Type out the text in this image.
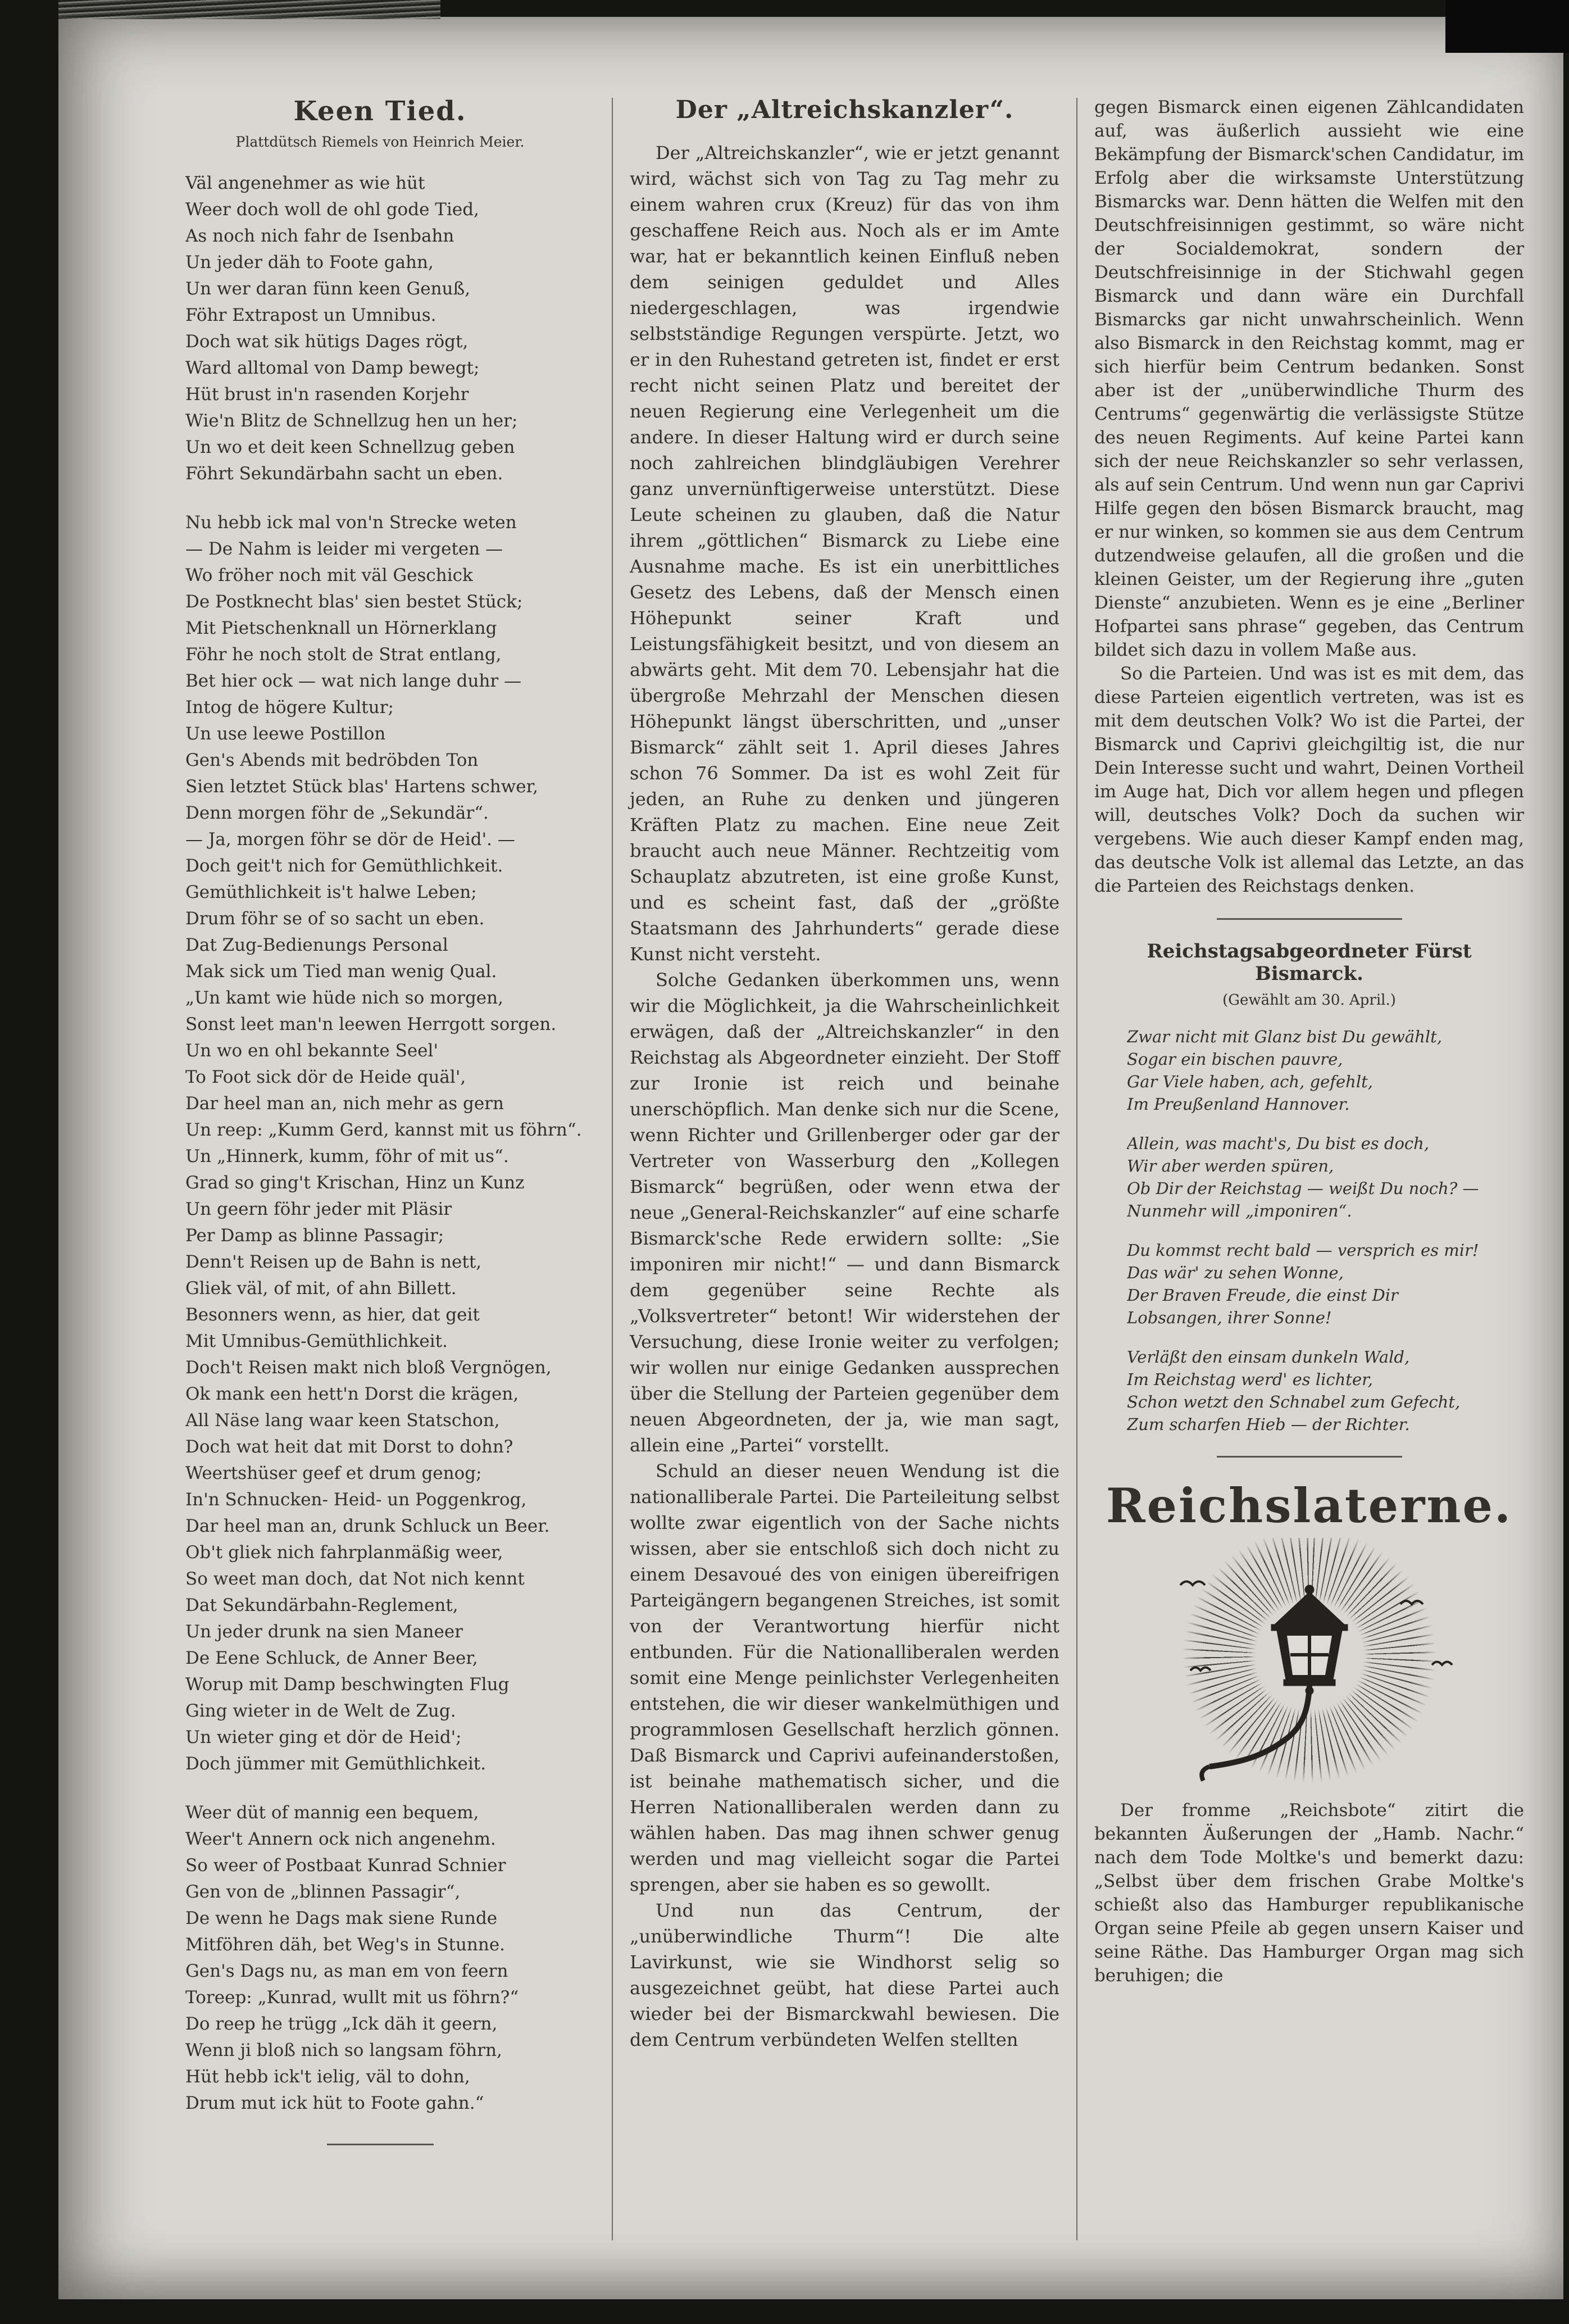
Keen Tied.
Plattdütsch Riemels von Heinrich Meier.
Väl angenehmer as wie hüt
Weer doch woll de ohl gode Tied,
As noch nich fahr de Isenbahn
Un jeder däh to Foote gahn,
Un wer daran fünn keen Genuß,
Föhr Extrapost un Umnibus.
Doch wat sik hütigs Dages rögt,
Ward alltomal von Damp bewegt;
Hüt brust in'n rasenden Korjehr
Wie'n Blitz de Schnellzug hen un her;
Un wo et deit keen Schnellzug geben
Föhrt Sekundärbahn sacht un eben.
Nu hebb ick mal von'n Strecke weten
— De Nahm is leider mi vergeten —
Wo fröher noch mit väl Geschick
De Postknecht blas' sien bestet Stück;
Mit Pietschenknall un Hörnerklang
Föhr he noch stolt de Strat entlang,
Bet hier ock — wat nich lange duhr —
Intog de högere Kultur;
Un use leewe Postillon
Gen's Abends mit bedröbden Ton
Sien letztet Stück blas' Hartens schwer,
Denn morgen föhr de „Sekundär“.
— Ja, morgen föhr se dör de Heid'. —
Doch geit't nich for Gemüthlichkeit.
Gemüthlichkeit is't halwe Leben;
Drum föhr se of so sacht un eben.
Dat Zug-Bedienungs Personal
Mak sick um Tied man wenig Qual.
„Un kamt wie hüde nich so morgen,
Sonst leet man'n leewen Herrgott sorgen.
Un wo en ohl bekannte Seel'
To Foot sick dör de Heide quäl',
Dar heel man an, nich mehr as gern
Un reep: „Kumm Gerd, kannst mit us föhrn“.
Un „Hinnerk, kumm, föhr of mit us“.
Grad so ging't Krischan, Hinz un Kunz
Un geern föhr jeder mit Pläsir
Per Damp as blinne Passagir;
Denn't Reisen up de Bahn is nett,
Gliek väl, of mit, of ahn Billett.
Besonners wenn, as hier, dat geit
Mit Umnibus-Gemüthlichkeit.
Doch't Reisen makt nich bloß Vergnögen,
Ok mank een hett'n Dorst die krägen,
All Näse lang waar keen Statschon,
Doch wat heit dat mit Dorst to dohn?
Weertshüser geef et drum genog;
In'n Schnucken- Heid- un Poggenkrog,
Dar heel man an, drunk Schluck un Beer.
Ob't gliek nich fahrplanmäßig weer,
So weet man doch, dat Not nich kennt
Dat Sekundärbahn-Reglement,
Un jeder drunk na sien Maneer
De Eene Schluck, de Anner Beer,
Worup mit Damp beschwingten Flug
Ging wieter in de Welt de Zug.
Un wieter ging et dör de Heid';
Doch jümmer mit Gemüthlichkeit.
Weer düt of mannig een bequem,
Weer't Annern ock nich angenehm.
So weer of Postbaat Kunrad Schnier
Gen von de „blinnen Passagir“,
De wenn he Dags mak siene Runde
Mitföhren däh, bet Weg's in Stunne.
Gen's Dags nu, as man em von feern
Toreep: „Kunrad, wullt mit us föhrn?“
Do reep he trügg „Ick däh it geern,
Wenn ji bloß nich so langsam föhrn,
Hüt hebb ick't ielig, väl to dohn,
Drum mut ick hüt to Foote gahn.“
Der „Altreichskanzler“.
Der „Altreichskanzler“, wie er jetzt genannt wird, wächst sich von Tag zu Tag mehr zu einem wahren crux (Kreuz) für das von ihm geschaffene Reich aus. Noch als er im Amte war, hat er bekanntlich keinen Einfluß neben dem seinigen geduldet und Alles niedergeschlagen, was irgendwie selbstständige Regungen verspürte. Jetzt, wo er in den Ruhestand getreten ist, findet er erst recht nicht seinen Platz und bereitet der neuen Regierung eine Verlegenheit um die andere. In dieser Haltung wird er durch seine noch zahlreichen blindgläubigen Verehrer ganz unvernünftigerweise unterstützt. Diese Leute scheinen zu glauben, daß die Natur ihrem „göttlichen“ Bismarck zu Liebe eine Ausnahme mache. Es ist ein unerbittliches Gesetz des Lebens, daß der Mensch einen Höhepunkt seiner Kraft und Leistungsfähigkeit besitzt, und von diesem an abwärts geht. Mit dem 70. Lebensjahr hat die übergroße Mehrzahl der Menschen diesen Höhepunkt längst überschritten, und „unser Bismarck“ zählt seit 1. April dieses Jahres schon 76 Sommer. Da ist es wohl Zeit für jeden, an Ruhe zu denken und jüngeren Kräften Platz zu machen. Eine neue Zeit braucht auch neue Männer. Rechtzeitig vom Schauplatz abzutreten, ist eine große Kunst, und es scheint fast, daß der „größte Staatsmann des Jahrhunderts“ gerade diese Kunst nicht versteht.
Solche Gedanken überkommen uns, wenn wir die Möglichkeit, ja die Wahrscheinlichkeit erwägen, daß der „Altreichskanzler“ in den Reichstag als Abgeordneter einzieht. Der Stoff zur Ironie ist reich und beinahe unerschöpflich. Man denke sich nur die Scene, wenn Richter und Grillenberger oder gar der Vertreter von Wasserburg den „Kollegen Bismarck“ begrüßen, oder wenn etwa der neue „General-Reichskanzler“ auf eine scharfe Bismarck'sche Rede erwidern sollte: „Sie imponiren mir nicht!“ — und dann Bismarck dem gegenüber seine Rechte als „Volksvertreter“ betont! Wir widerstehen der Versuchung, diese Ironie weiter zu verfolgen; wir wollen nur einige Gedanken aussprechen über die Stellung der Parteien gegenüber dem neuen Abgeordneten, der ja, wie man sagt, allein eine „Partei“ vorstellt.
Schuld an dieser neuen Wendung ist die nationalliberale Partei. Die Parteileitung selbst wollte zwar eigentlich von der Sache nichts wissen, aber sie entschloß sich doch nicht zu einem Desavoué des von einigen übereifrigen Parteigängern begangenen Streiches, ist somit von der Verantwortung hierfür nicht entbunden. Für die Nationalliberalen werden somit eine Menge peinlichster Verlegenheiten entstehen, die wir dieser wankelmüthigen und programmlosen Gesellschaft herzlich gönnen. Daß Bismarck und Caprivi aufeinanderstoßen, ist beinahe mathematisch sicher, und die Herren Nationalliberalen werden dann zu wählen haben. Das mag ihnen schwer genug werden und mag vielleicht sogar die Partei sprengen, aber sie haben es so gewollt.
Und nun das Centrum, der „unüberwindliche Thurm“! Die alte Lavirkunst, wie sie Windhorst selig so ausgezeichnet geübt, hat diese Partei auch wieder bei der Bismarckwahl bewiesen. Die dem Centrum verbündeten Welfen stellten
gegen Bismarck einen eigenen Zählcandidaten auf, was äußerlich aussieht wie eine Bekämpfung der Bismarck'schen Candidatur, im Erfolg aber die wirksamste Unterstützung Bismarcks war. Denn hätten die Welfen mit den Deutschfreisinnigen gestimmt, so wäre nicht der Socialdemokrat, sondern der Deutschfreisinnige in der Stichwahl gegen Bismarck und dann wäre ein Durchfall Bismarcks gar nicht unwahrscheinlich. Wenn also Bismarck in den Reichstag kommt, mag er sich hierfür beim Centrum bedanken. Sonst aber ist der „unüberwindliche Thurm des Centrums“ gegenwärtig die verlässigste Stütze des neuen Regiments. Auf keine Partei kann sich der neue Reichskanzler so sehr verlassen, als auf sein Centrum. Und wenn nun gar Caprivi Hilfe gegen den bösen Bismarck braucht, mag er nur winken, so kommen sie aus dem Centrum dutzendweise gelaufen, all die großen und die kleinen Geister, um der Regierung ihre „guten Dienste“ anzubieten. Wenn es je eine „Berliner Hofpartei sans phrase“ gegeben, das Centrum bildet sich dazu in vollem Maße aus.
So die Parteien. Und was ist es mit dem, das diese Parteien eigentlich vertreten, was ist es mit dem deutschen Volk? Wo ist die Partei, der Bismarck und Caprivi gleichgiltig ist, die nur Dein Interesse sucht und wahrt, Deinen Vortheil im Auge hat, Dich vor allem hegen und pflegen will, deutsches Volk? Doch da suchen wir vergebens. Wie auch dieser Kampf enden mag, das deutsche Volk ist allemal das Letzte, an das die Parteien des Reichstags denken.
Reichstagsabgeordneter Fürst Bismarck.
(Gewählt am 30. April.)
Zwar nicht mit Glanz bist Du gewählt,
Sogar ein bischen pauvre,
Gar Viele haben, ach, gefehlt,
Im Preußenland Hannover.
Allein, was macht's, Du bist es doch,
Wir aber werden spüren,
Ob Dir der Reichstag — weißt Du noch? —
Nunmehr will „imponiren“.
Du kommst recht bald — versprich es mir!
Das wär' zu sehen Wonne,
Der Braven Freude, die einst Dir
Lobsangen, ihrer Sonne!
Verläßt den einsam dunkeln Wald,
Im Reichstag werd' es lichter,
Schon wetzt den Schnabel zum Gefecht,
Zum scharfen Hieb — der Richter.
Reichslaterne.

Der fromme „Reichsbote“ zitirt die bekannten Äußerungen der „Hamb. Nachr.“ nach dem Tode Moltke's und bemerkt dazu: „Selbst über dem frischen Grabe Moltke's schießt also das Hamburger republikanische Organ seine Pfeile ab gegen unsern Kaiser und seine Räthe. Das Hamburger Organ mag sich beruhigen; die
